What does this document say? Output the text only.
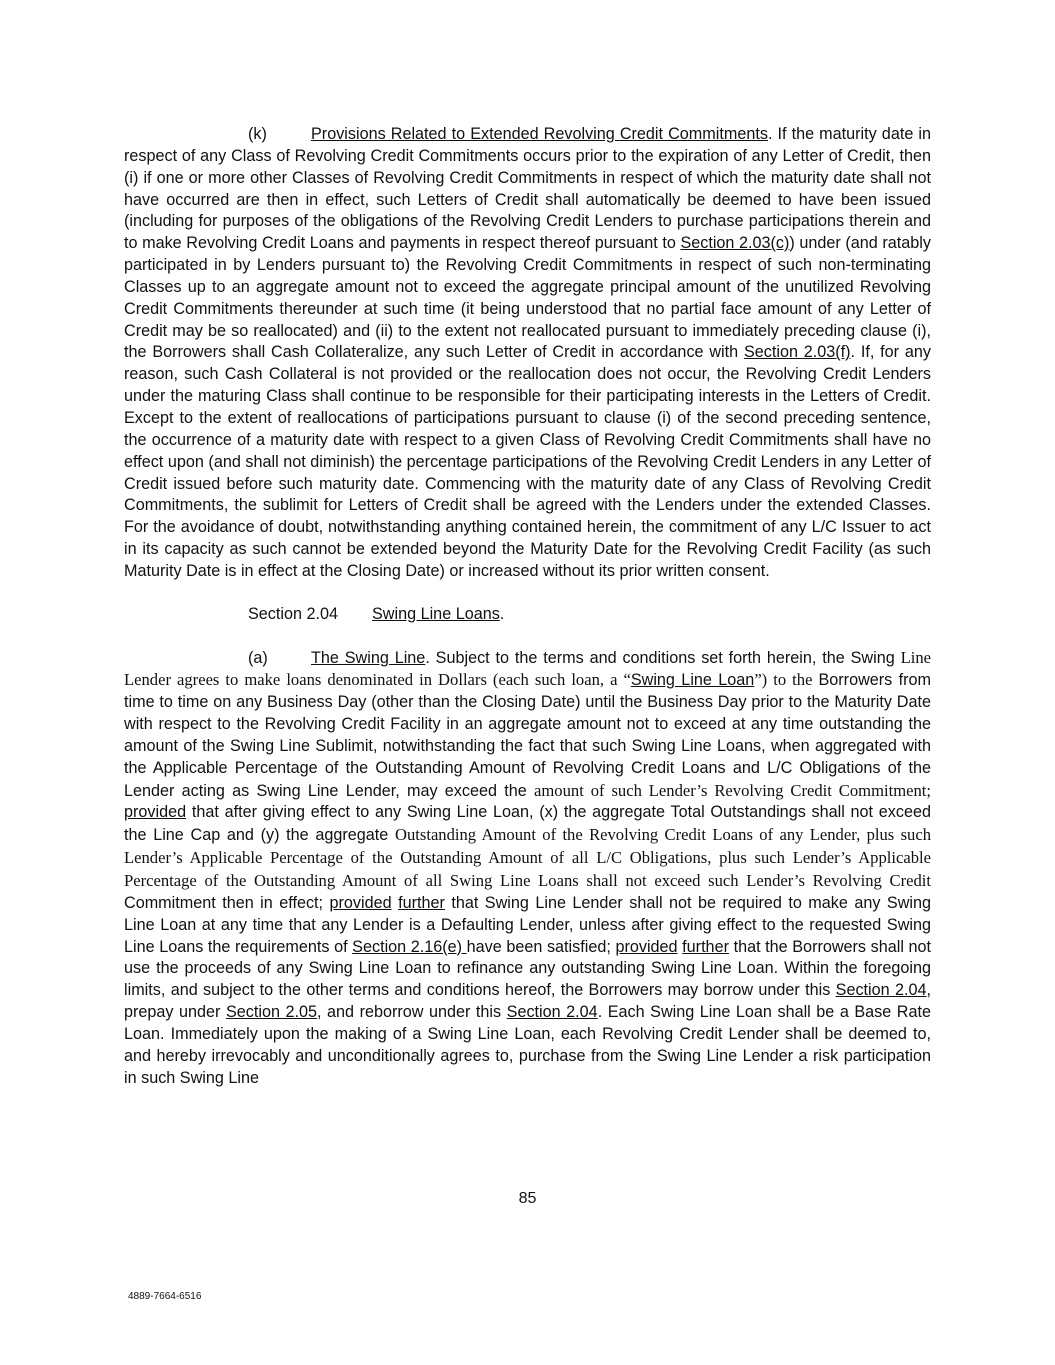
(k)	Provisions Related to Extended Revolving Credit Commitments. If the maturity date in respect of any Class of Revolving Credit Commitments occurs prior to the expiration of any Letter of Credit, then (i) if one or more other Classes of Revolving Credit Commitments in respect of which the maturity date shall not have occurred are then in effect, such Letters of Credit shall automatically be deemed to have been issued (including for purposes of the obligations of the Revolving Credit Lenders to purchase participations therein and to make Revolving Credit Loans and payments in respect thereof pursuant to Section 2.03(c)) under (and ratably participated in by Lenders pursuant to) the Revolving Credit Commitments in respect of such non-terminating Classes up to an aggregate amount not to exceed the aggregate principal amount of the unutilized Revolving Credit Commitments thereunder at such time (it being understood that no partial face amount of any Letter of Credit may be so reallocated) and (ii) to the extent not reallocated pursuant to immediately preceding clause (i), the Borrowers shall Cash Collateralize, any such Letter of Credit in accordance with Section 2.03(f). If, for any reason, such Cash Collateral is not provided or the reallocation does not occur, the Revolving Credit Lenders under the maturing Class shall continue to be responsible for their participating interests in the Letters of Credit. Except to the extent of reallocations of participations pursuant to clause (i) of the second preceding sentence, the occurrence of a maturity date with respect to a given Class of Revolving Credit Commitments shall have no effect upon (and shall not diminish) the percentage participations of the Revolving Credit Lenders in any Letter of Credit issued before such maturity date. Commencing with the maturity date of any Class of Revolving Credit Commitments, the sublimit for Letters of Credit shall be agreed with the Lenders under the extended Classes. For the avoidance of doubt, notwithstanding anything contained herein, the commitment of any L/C Issuer to act in its capacity as such cannot be extended beyond the Maturity Date for the Revolving Credit Facility (as such Maturity Date is in effect at the Closing Date) or increased without its prior written consent.

Section 2.04 Swing Line Loans.

(a)	The Swing Line. Subject to the terms and conditions set forth herein, the Swing Line Lender agrees to make loans denominated in Dollars (each such loan, a “Swing Line Loan”) to the Borrowers from time to time on any Business Day (other than the Closing Date) until the Business Day prior to the Maturity Date with respect to the Revolving Credit Facility in an aggregate amount not to exceed at any time outstanding the amount of the Swing Line Sublimit, notwithstanding the fact that such Swing Line Loans, when aggregated with the Applicable Percentage of the Outstanding Amount of Revolving Credit Loans and L/C Obligations of the Lender acting as Swing Line Lender, may exceed the amount of such Lender’s Revolving Credit Commitment; provided that after giving effect to any Swing Line Loan, (x) the aggregate Total Outstandings shall not exceed the Line Cap and (y) the aggregate Outstanding Amount of the Revolving Credit Loans of any Lender, plus such Lender’s Applicable Percentage of the Outstanding Amount of all L/C Obligations, plus such Lender’s Applicable Percentage of the Outstanding Amount of all Swing Line Loans shall not exceed such Lender’s Revolving Credit Commitment then in effect; provided further that Swing Line Lender shall not be required to make any Swing Line Loan at any time that any Lender is a Defaulting Lender, unless after giving effect to the requested Swing Line Loans the requirements of Section 2.16(e) have been satisfied; provided further that the Borrowers shall not use the proceeds of any Swing Line Loan to refinance any outstanding Swing Line Loan. Within the foregoing limits, and subject to the other terms and conditions hereof, the Borrowers may borrow under this Section 2.04, prepay under Section 2.05, and reborrow under this Section 2.04. Each Swing Line Loan shall be a Base Rate Loan. Immediately upon the making of a Swing Line Loan, each Revolving Credit Lender shall be deemed to, and hereby irrevocably and unconditionally agrees to, purchase from the Swing Line Lender a risk participation in such Swing Line

85
4889-7664-6516
